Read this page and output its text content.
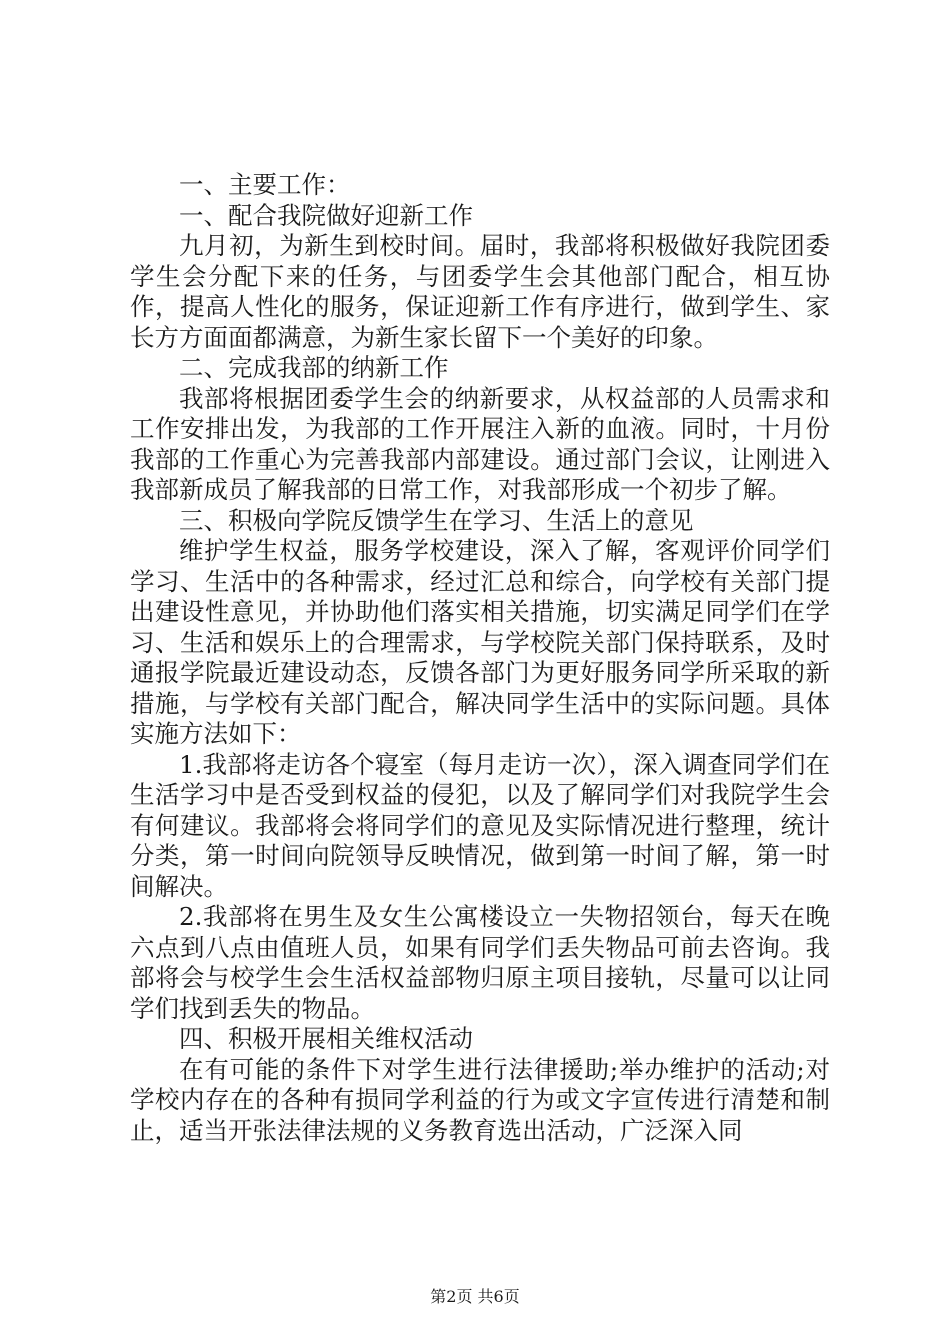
一、主要工作：

一、配合我院做好迎新工作

九月初，为新生到校时间。届时，我部将积极做好我院团委学生会分配下来的任务，与团委学生会其他部门配合，相互协作，提高人性化的服务，保证迎新工作有序进行，做到学生、家长方方面面都满意，为新生家长留下一个美好的印象。

二、完成我部的纳新工作

我部将根据团委学生会的纳新要求，从权益部的人员需求和工作安排出发，为我部的工作开展注入新的血液。同时，十月份我部的工作重心为完善我部内部建设。通过部门会议，让刚进入我部新成员了解我部的日常工作，对我部形成一个初步了解。

三、积极向学院反馈学生在学习、生活上的意见

维护学生权益，服务学校建设，深入了解，客观评价同学们学习、生活中的各种需求，经过汇总和综合，向学校有关部门提出建设性意见，并协助他们落实相关措施，切实满足同学们在学习、生活和娱乐上的合理需求，与学校院关部门保持联系，及时通报学院最近建设动态，反馈各部门为更好服务同学所采取的新措施，与学校有关部门配合，解决同学生活中的实际问题。具体实施方法如下：

1.我部将走访各个寝室（每月走访一次），深入调查同学们在生活学习中是否受到权益的侵犯，以及了解同学们对我院学生会有何建议。我部将会将同学们的意见及实际情况进行整理，统计分类，第一时间向院领导反映情况，做到第一时间了解，第一时间解决。

2.我部将在男生及女生公寓楼设立一失物招领台，每天在晚六点到八点由值班人员，如果有同学们丢失物品可前去咨询。我部将会与校学生会生活权益部物归原主项目接轨，尽量可以让同学们找到丢失的物品。

四、积极开展相关维权活动

在有可能的条件下对学生进行法律援助;举办维护的活动;对学校内存在的各种有损同学利益的行为或文字宣传进行清楚和制止，适当开张法律法规的义务教育选出活动，广泛深入同

第2页 共6页
